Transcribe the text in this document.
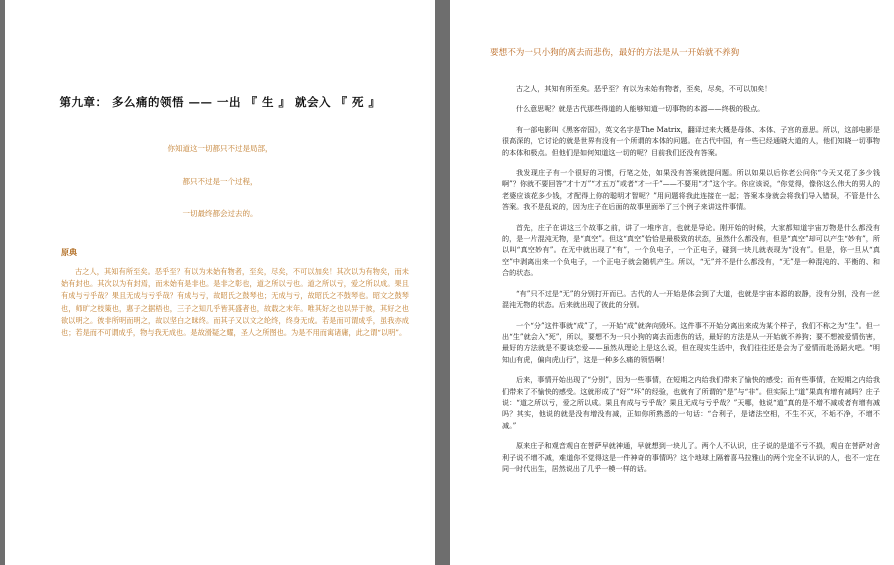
第九章： 多么痛的领悟 —— 一出 『 生 』 就会入 『 死 』
你知道这一切都只不过是局部，
都只不过是一个过程，
一切最终都会过去的。
原典

古之人，其知有所至矣。恶乎至？有以为未始有物者，至矣，尽矣，不可以加矣！其次以为有物矣，而未始有封也。其次以为有封焉，而未始有是非也。是非之彰也，道之所以亏也。道之所以亏，爱之所以成。果且有成与亏乎哉？果且无成与亏乎哉？有成与亏，故昭氏之鼓琴也；无成与亏，故昭氏之不鼓琴也。昭文之鼓琴也，师旷之枝策也，惠子之据梧也，三子之知几乎皆其盛者也，故载之末年。唯其好之也以异于彼，其好之也欲以明之。彼非所明而明之，故以坚白之昧终。而其子又以文之纶终，终身无成。若是而可谓成乎，虽我亦成也；若是而不可谓成乎，物与我无成也。是故滑疑之耀，圣人之所图也。为是不用而寓诸庸，此之谓“以明”。

要想不为一只小狗的离去而悲伤，最好的方法是从一开始就不养狗

古之人，其知有所至矣。恶乎至？有以为未始有物者，至矣，尽矣，不可以加矣！

什么意思呢？就是古代那些得道的人能够知道一切事物的本源——终极的极点。

有一部电影叫《黑客帝国》，英文名字是The Matrix，翻译过来大概是母体、本体、子宫的意思。所以，这部电影是很高深的，它讨论的就是世界有没有一个所谓的本体的问题。在古代中国，有一些已经通晓大道的人，他们知晓一切事物的本体和极点。但他们是如何知道这一切的呢？目前我们还没有答案。

我发现庄子有一个很好的习惯，行笔之处，如果没有答案就提问题。所以如果以后你老公问你“今天又花了多少钱啊”？你就不要回答“才十万”“才五万”或者“才一千”——不要用“才”这个字。你应该说，“你觉得，像你这么伟大的男人的老婆应该花多少钱，才配得上你的聪明才智呢？”用问题将我此连接在一起；答案本身就会将我们导入错误，不管是什么答案。我不是乱说的，因为庄子在后面的故事里面举了三个例子来讲这件事情。

首先，庄子在讲这三个故事之前，讲了一堆序言，也就是导论。刚开始的时候，大家都知道宇宙万物是什么都没有的，是一片混沌无物，是“真空”。但这“真空”恰恰是最极致的状态，虽然什么都没有，但是“真空”却可以产生“妙有”，所以叫“真空妙有”。在无中就出现了“有”，一个负电子，一个正电子，碰到一块儿就表现为“没有”。但是，你一旦从“真空”中剥离出来一个负电子，一个正电子就会随机产生。所以，“无”并不是什么都没有，“无”是一种混沌的、平衡的、和合的状态。

“有”只不过是“无”的分别打开而已。古代的人一开始是体会到了大道，也就是宇宙本源的寂静，没有分别，没有一丝混沌无物的状态。后来就出现了彼此的分别。

一个“分”这件事就“成”了，一开始“成”就奔向毁坏。这件事不开始分离出来成为某个样子，我们不称之为“生”。但一出“生”就会入“死”，所以，要想不为一只小狗的离去而悲伤的话，最好的方法是从一开始就不养狗；要不想被爱情伤害，最好的方法就是不要谈恋爱——虽然从理论上是这么说，但在现实生活中，我们往往还是会为了爱情而赴汤蹈火吧。“明知山有虎，偏向虎山行”，这是一种多么痛的领悟啊！

后来，事情开始出现了“分别”，因为一些事情，在短期之内给我们带来了愉快的感受；而有些事情，在短期之内给我们带来了不愉快的感受。这就形成了“好”“坏”的经验，也就有了所谓的“是”与“非”。但实际上“道”果真有增有减吗？庄子说：“道之所以亏，爱之所以成。果且有成与亏乎哉？果且无成与亏乎哉？”天哪，他说“道”真的是不增不减或者有增有减吗？其实，他说的就是没有增没有减，正如你所熟悉的一句话：“合利子，是诸法空相，不生不灭，不垢不净，不增不减。”

原来庄子和观音观自在菩萨早就神通，早就想到一块儿了。两个人不认识，庄子说的是道不亏不损，观自在菩萨对舍利子说不增不减，难道你不觉得这是一件神奇的事情吗？这个地球上隔着喜马拉雅山的两个完全不认识的人，也不一定在同一时代出生，居然说出了几乎一模一样的话。
